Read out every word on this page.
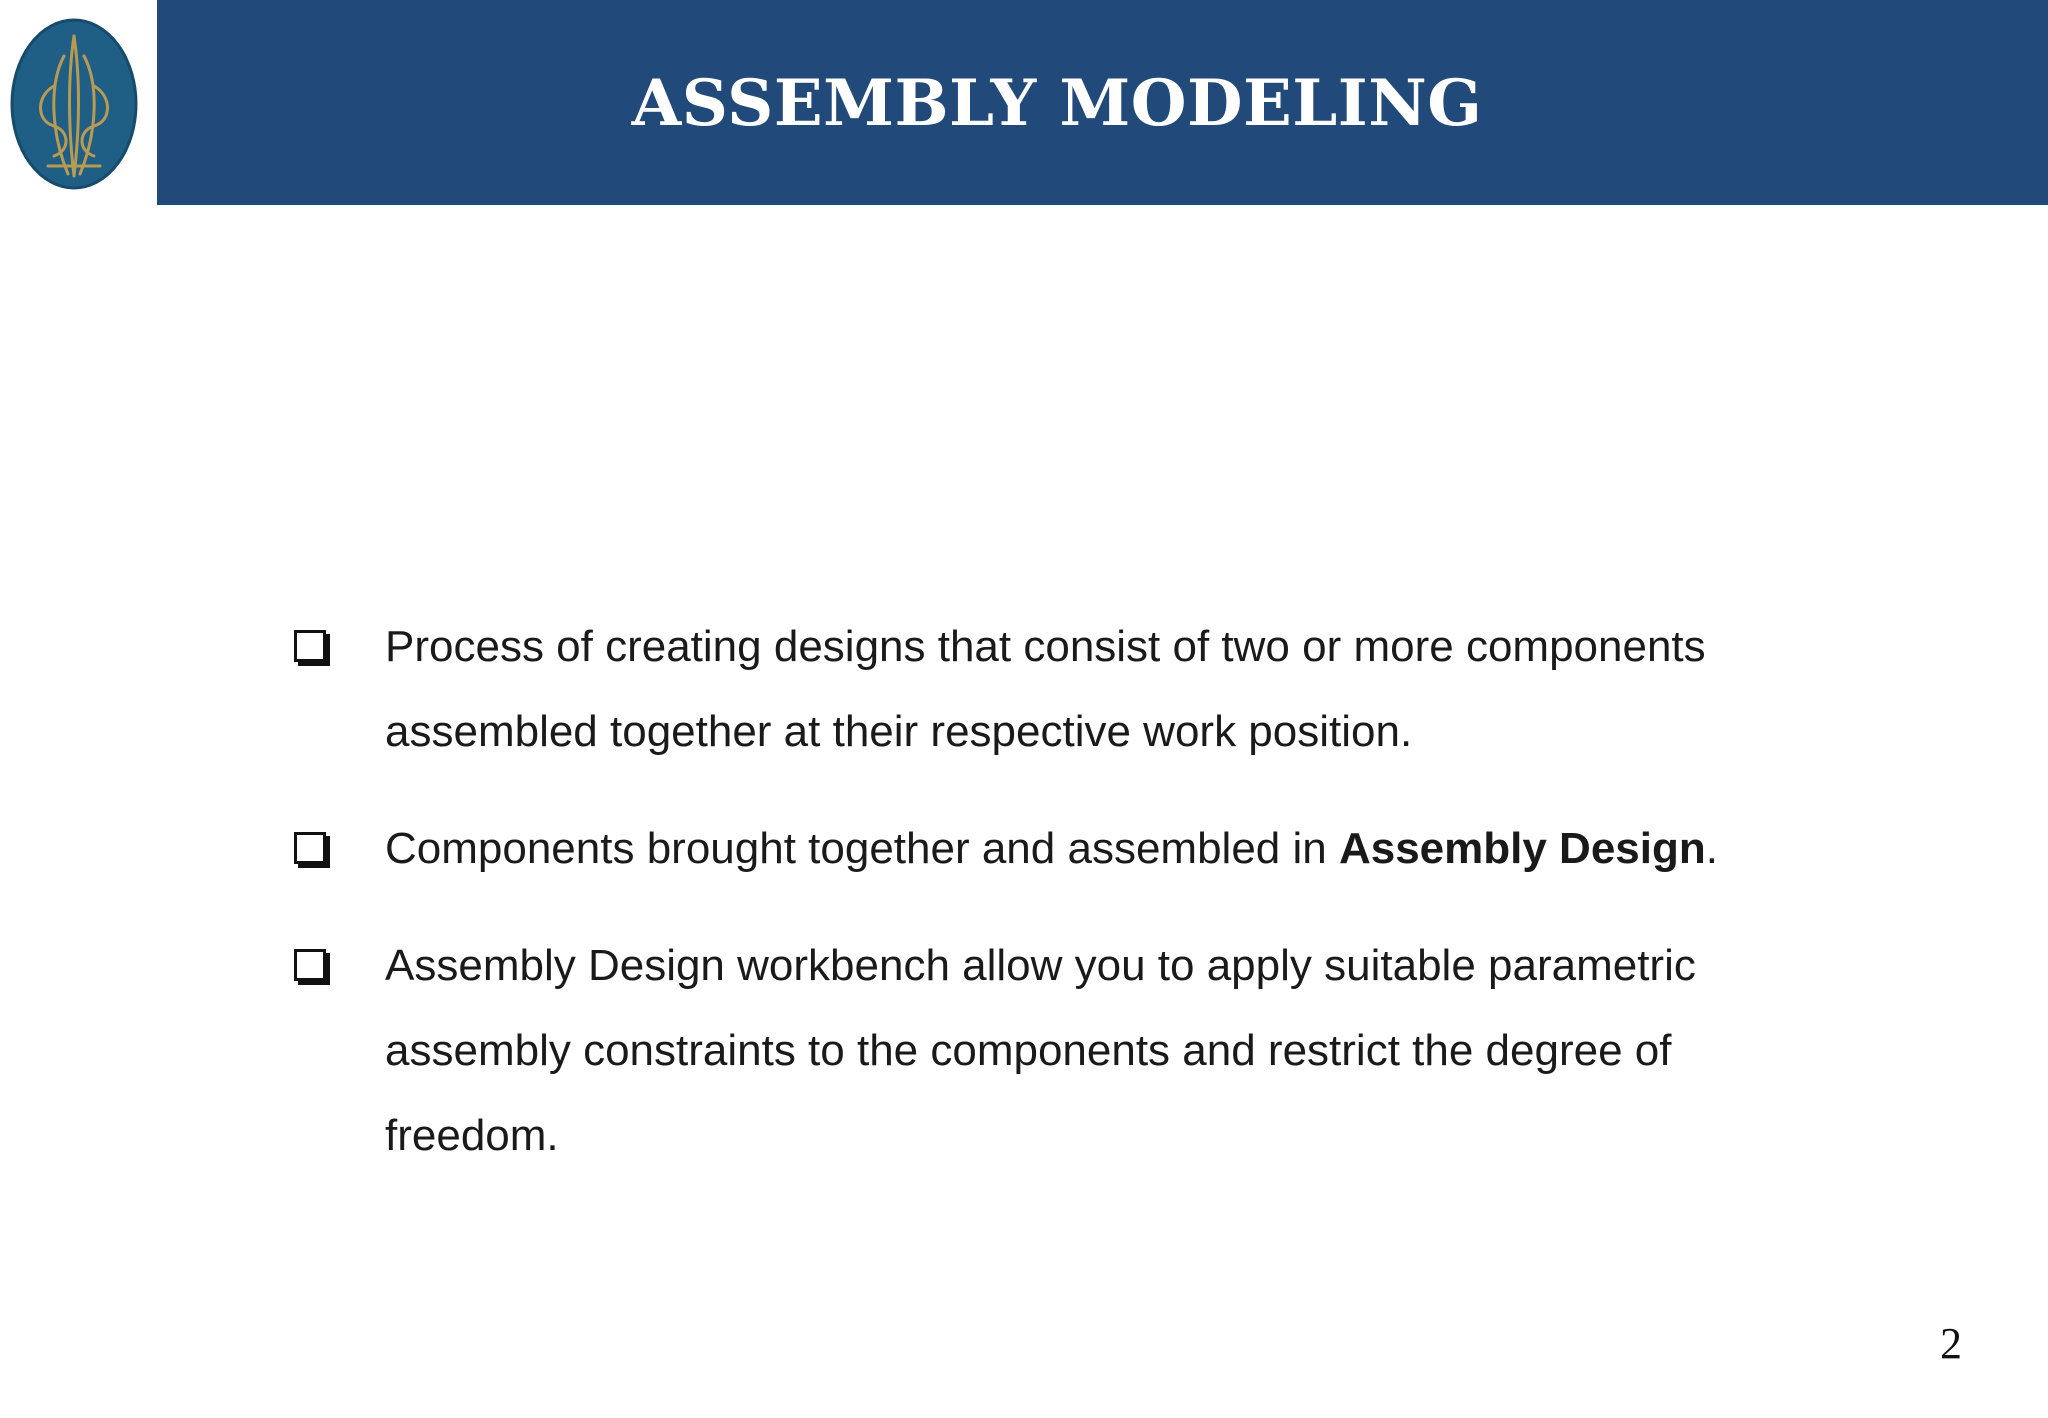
ASSEMBLY MODELING
Process of creating designs that consist of two or more components assembled together at their respective work position.
Components brought together and assembled in Assembly Design.
Assembly Design workbench allow you to apply suitable parametric assembly constraints to the components and restrict the degree of freedom.
2
